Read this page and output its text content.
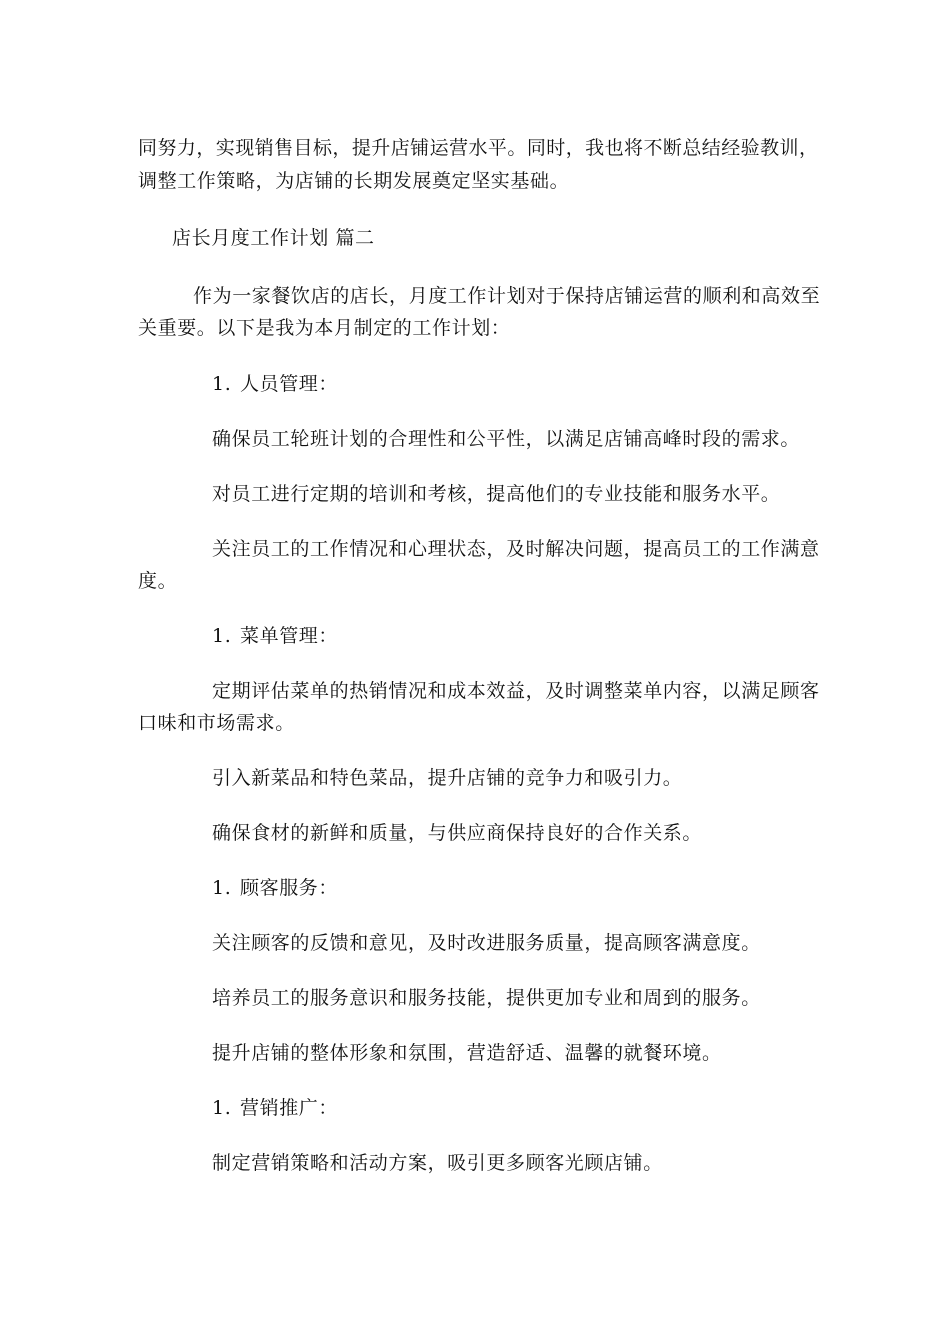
同努力，实现销售目标，提升店铺运营水平。同时，我也将不断总结经验教训，
调整工作策略，为店铺的长期发展奠定坚实基础。
店长月度工作计划 篇二
作为一家餐饮店的店长，月度工作计划对于保持店铺运营的顺利和高效至
关重要。以下是我为本月制定的工作计划：
1. 人员管理：
确保员工轮班计划的合理性和公平性，以满足店铺高峰时段的需求。
对员工进行定期的培训和考核，提高他们的专业技能和服务水平。
关注员工的工作情况和心理状态，及时解决问题，提高员工的工作满意
度。
1. 菜单管理：
定期评估菜单的热销情况和成本效益，及时调整菜单内容，以满足顾客
口味和市场需求。
引入新菜品和特色菜品，提升店铺的竞争力和吸引力。
确保食材的新鲜和质量，与供应商保持良好的合作关系。
1. 顾客服务：
关注顾客的反馈和意见，及时改进服务质量，提高顾客满意度。
培养员工的服务意识和服务技能，提供更加专业和周到的服务。
提升店铺的整体形象和氛围，营造舒适、温馨的就餐环境。
1. 营销推广：
制定营销策略和活动方案，吸引更多顾客光顾店铺。
